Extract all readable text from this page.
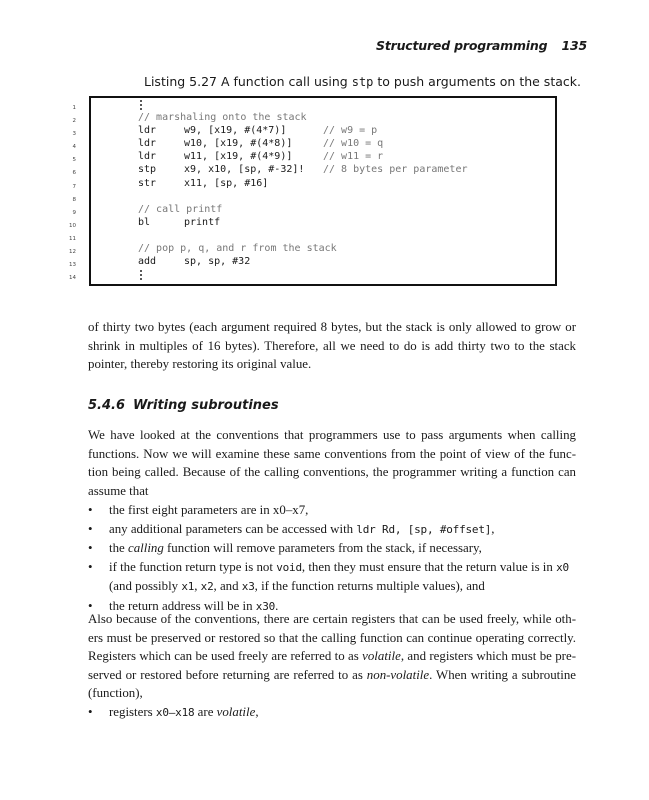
Structured programming 135
Listing 5.27 A function call using stp to push arguments on the stack.
1
2
3
4
5
6
7
8
9
10
11
12
13
14
// marshaling onto the stack
ldr	w9, [x19, #(4*7)]	// w9 = p
ldr	w10, [x19, #(4*8)]	// w10 = q
ldr	w11, [x19, #(4*9)]	// w11 = r
stp	x9, x10, [sp, #-32]! // 8 bytes per parameter
str	x11, [sp, #16]
// call printf
bl	printf
// pop p, q, and r from the stack
add	sp, sp, #32

of thirty two bytes (each argument required 8 bytes, but the stack is only allowed to grow or shrink in multiples of 16 bytes). Therefore, all we need to do is add thirty two to the stack pointer, thereby restoring its original value.

5.4.6 Writing subroutines

We have looked at the conventions that programmers use to pass arguments when calling functions. Now we will examine these same conventions from the point of view of the function being called. Because of the calling conventions, the programmer writing a function can assume that

• the first eight parameters are in x0–x7,
• any additional parameters can be accessed with ldr Rd, [sp, #offset],
• the calling function will remove parameters from the stack, if necessary,
• if the function return type is not void, then they must ensure that the return value is in x0 (and possibly x1, x2, and x3, if the function returns multiple values), and
• the return address will be in x30.

Also because of the conventions, there are certain registers that can be used freely, while others must be preserved or restored so that the calling function can continue operating correctly. Registers which can be used freely are referred to as volatile, and registers which must be preserved or restored before returning are referred to as non-volatile. When writing a subroutine (function),

• registers x0–x18 are volatile,
